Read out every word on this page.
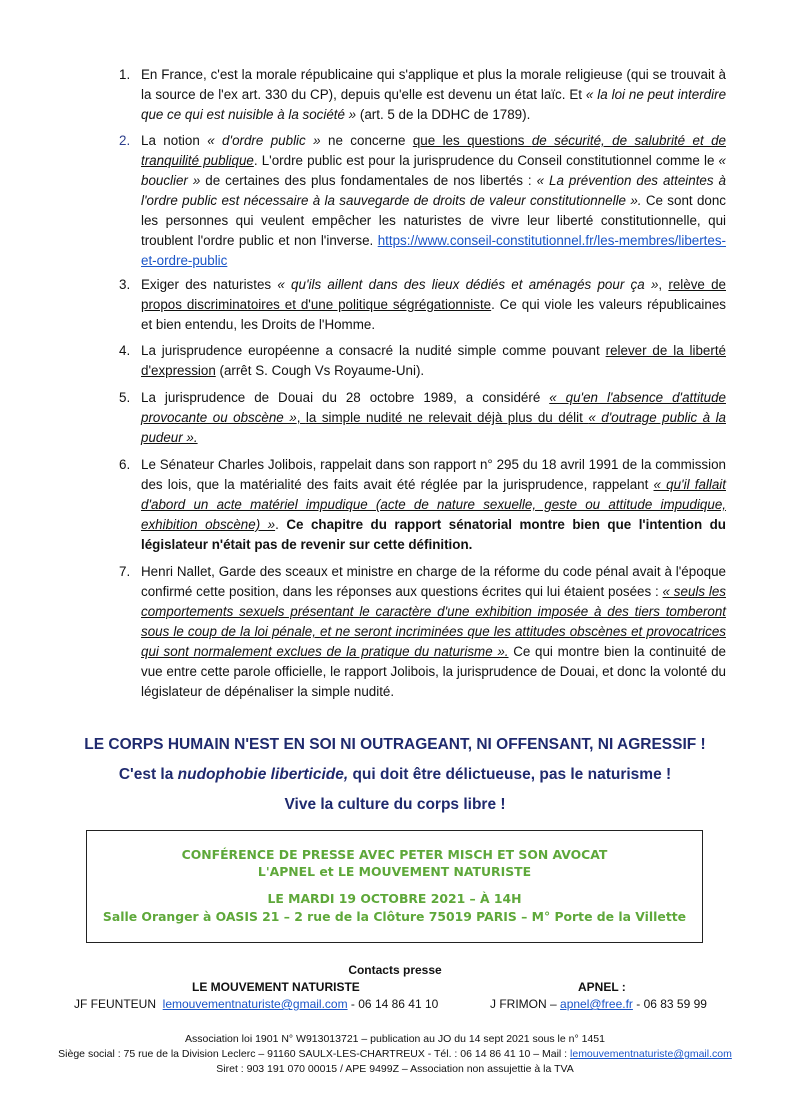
1. En France, c'est la morale républicaine qui s'applique et plus la morale religieuse (qui se trouvait à la source de l'ex art. 330 du CP), depuis qu'elle est devenu un état laïc. Et « la loi ne peut interdire que ce qui est nuisible à la société » (art. 5 de la DDHC de 1789).
2. La notion « d'ordre public » ne concerne que les questions de sécurité, de salubrité et de tranquilité publique. L'ordre public est pour la jurisprudence du Conseil constitutionnel comme le « bouclier » de certaines des plus fondamentales de nos libertés : « La prévention des atteintes à l'ordre public est nécessaire à la sauvegarde de droits de valeur constitutionnelle ». Ce sont donc les personnes qui veulent empêcher les naturistes de vivre leur liberté constitutionnelle, qui troublent l'ordre public et non l'inverse. https://www.conseil-constitutionnel.fr/les-membres/libertes-et-ordre-public
3. Exiger des naturistes « qu'ils aillent dans des lieux dédiés et aménagés pour ça », relève de propos discriminatoires et d'une politique ségrégationniste. Ce qui viole les valeurs républicaines et bien entendu, les Droits de l'Homme.
4. La jurisprudence européenne a consacré la nudité simple comme pouvant relever de la liberté d'expression (arrêt S. Cough Vs Royaume-Uni).
5. La jurisprudence de Douai du 28 octobre 1989, a considéré « qu'en l'absence d'attitude provocante ou obscène », la simple nudité ne relevait déjà plus du délit « d'outrage public à la pudeur ».
6. Le Sénateur Charles Jolibois, rappelait dans son rapport n° 295 du 18 avril 1991 de la commission des lois, que la matérialité des faits avait été réglée par la jurisprudence, rappelant « qu'il fallait d'abord un acte matériel impudique (acte de nature sexuelle, geste ou attitude impudique, exhibition obscène) ». Ce chapitre du rapport sénatorial montre bien que l'intention du législateur n'était pas de revenir sur cette définition.
7. Henri Nallet, Garde des sceaux et ministre en charge de la réforme du code pénal avait à l'époque confirmé cette position, dans les réponses aux questions écrites qui lui étaient posées : « seuls les comportements sexuels présentant le caractère d'une exhibition imposée à des tiers tomberont sous le coup de la loi pénale, et ne seront incriminées que les attitudes obscènes et provocatrices qui sont normalement exclues de la pratique du naturisme ». Ce qui montre bien la continuité de vue entre cette parole officielle, le rapport Jolibois, la jurisprudence de Douai, et donc la volonté du législateur de dépénaliser la simple nudité.
LE CORPS HUMAIN N'EST EN SOI NI OUTRAGEANT, NI OFFENSANT, NI AGRESSIF !
C'est la nudophobie liberticide, qui doit être délictueuse, pas le naturisme !
Vive la culture du corps libre !
CONFÉRENCE DE PRESSE AVEC PETER MISCH ET SON AVOCAT
L'APNEL et LE MOUVEMENT NATURISTE
LE MARDI 19 OCTOBRE 2021 – À 14H
Salle Oranger à OASIS 21 – 2 rue de la Clôture 75019 PARIS – M° Porte de la Villette
Contacts presse
LE MOUVEMENT NATURISTE	APNEL :
JF FEUNTEUN lemouvementnaturiste@gmail.com - 06 14 86 41 10	J FRIMON – apnel@free.fr - 06 83 59 99
Association loi 1901 N° W913013721 – publication au JO du 14 sept 2021 sous le n° 1451
Siège social : 75 rue de la Division Leclerc – 91160 SAULX-LES-CHARTREUX - Tél. : 06 14 86 41 10 – Mail : lemouvementnaturiste@gmail.com
Siret : 903 191 070 00015 / APE 9499Z – Association non assujettie à la TVA
